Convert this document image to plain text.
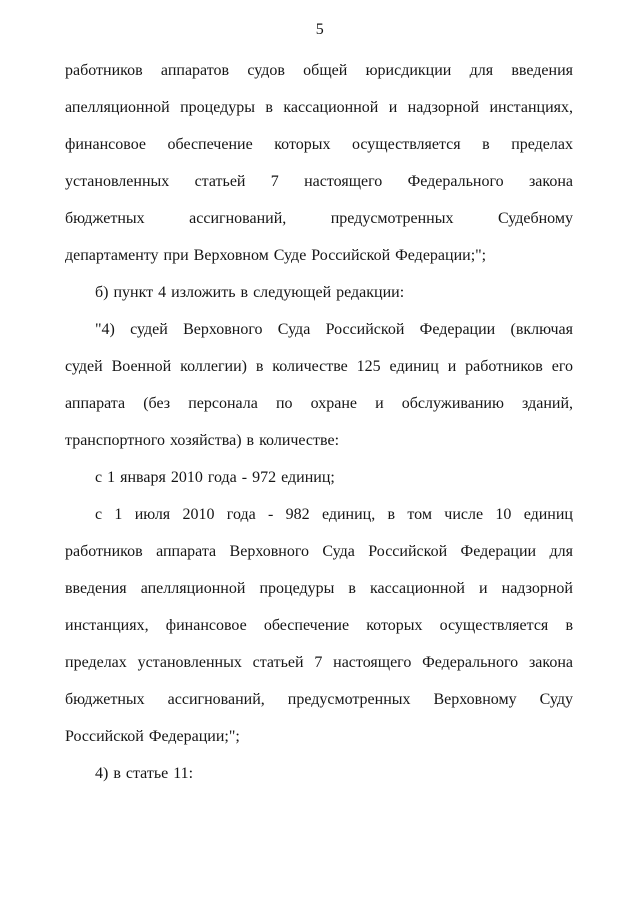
5
работников аппаратов судов общей юрисдикции для введения
апелляционной процедуры в кассационной и надзорной инстанциях,
финансовое обеспечение которых осуществляется в пределах
установленных статьей 7 настоящего Федерального закона
бюджетных ассигнований, предусмотренных Судебному
департаменту при Верховном Суде Российской Федерации;";
б) пункт 4 изложить в следующей редакции:
"4) судей Верховного Суда Российской Федерации (включая
судей Военной коллегии) в количестве 125 единиц и работников его
аппарата (без персонала по охране и обслуживанию зданий,
транспортного хозяйства) в количестве:
с 1 января 2010 года - 972 единиц;
с 1 июля 2010 года - 982 единиц, в том числе 10 единиц
работников аппарата Верховного Суда Российской Федерации для
введения апелляционной процедуры в кассационной и надзорной
инстанциях, финансовое обеспечение которых осуществляется в
пределах установленных статьей 7 настоящего Федерального закона
бюджетных ассигнований, предусмотренных Верховному Суду
Российской Федерации;";
4) в статье 11:
